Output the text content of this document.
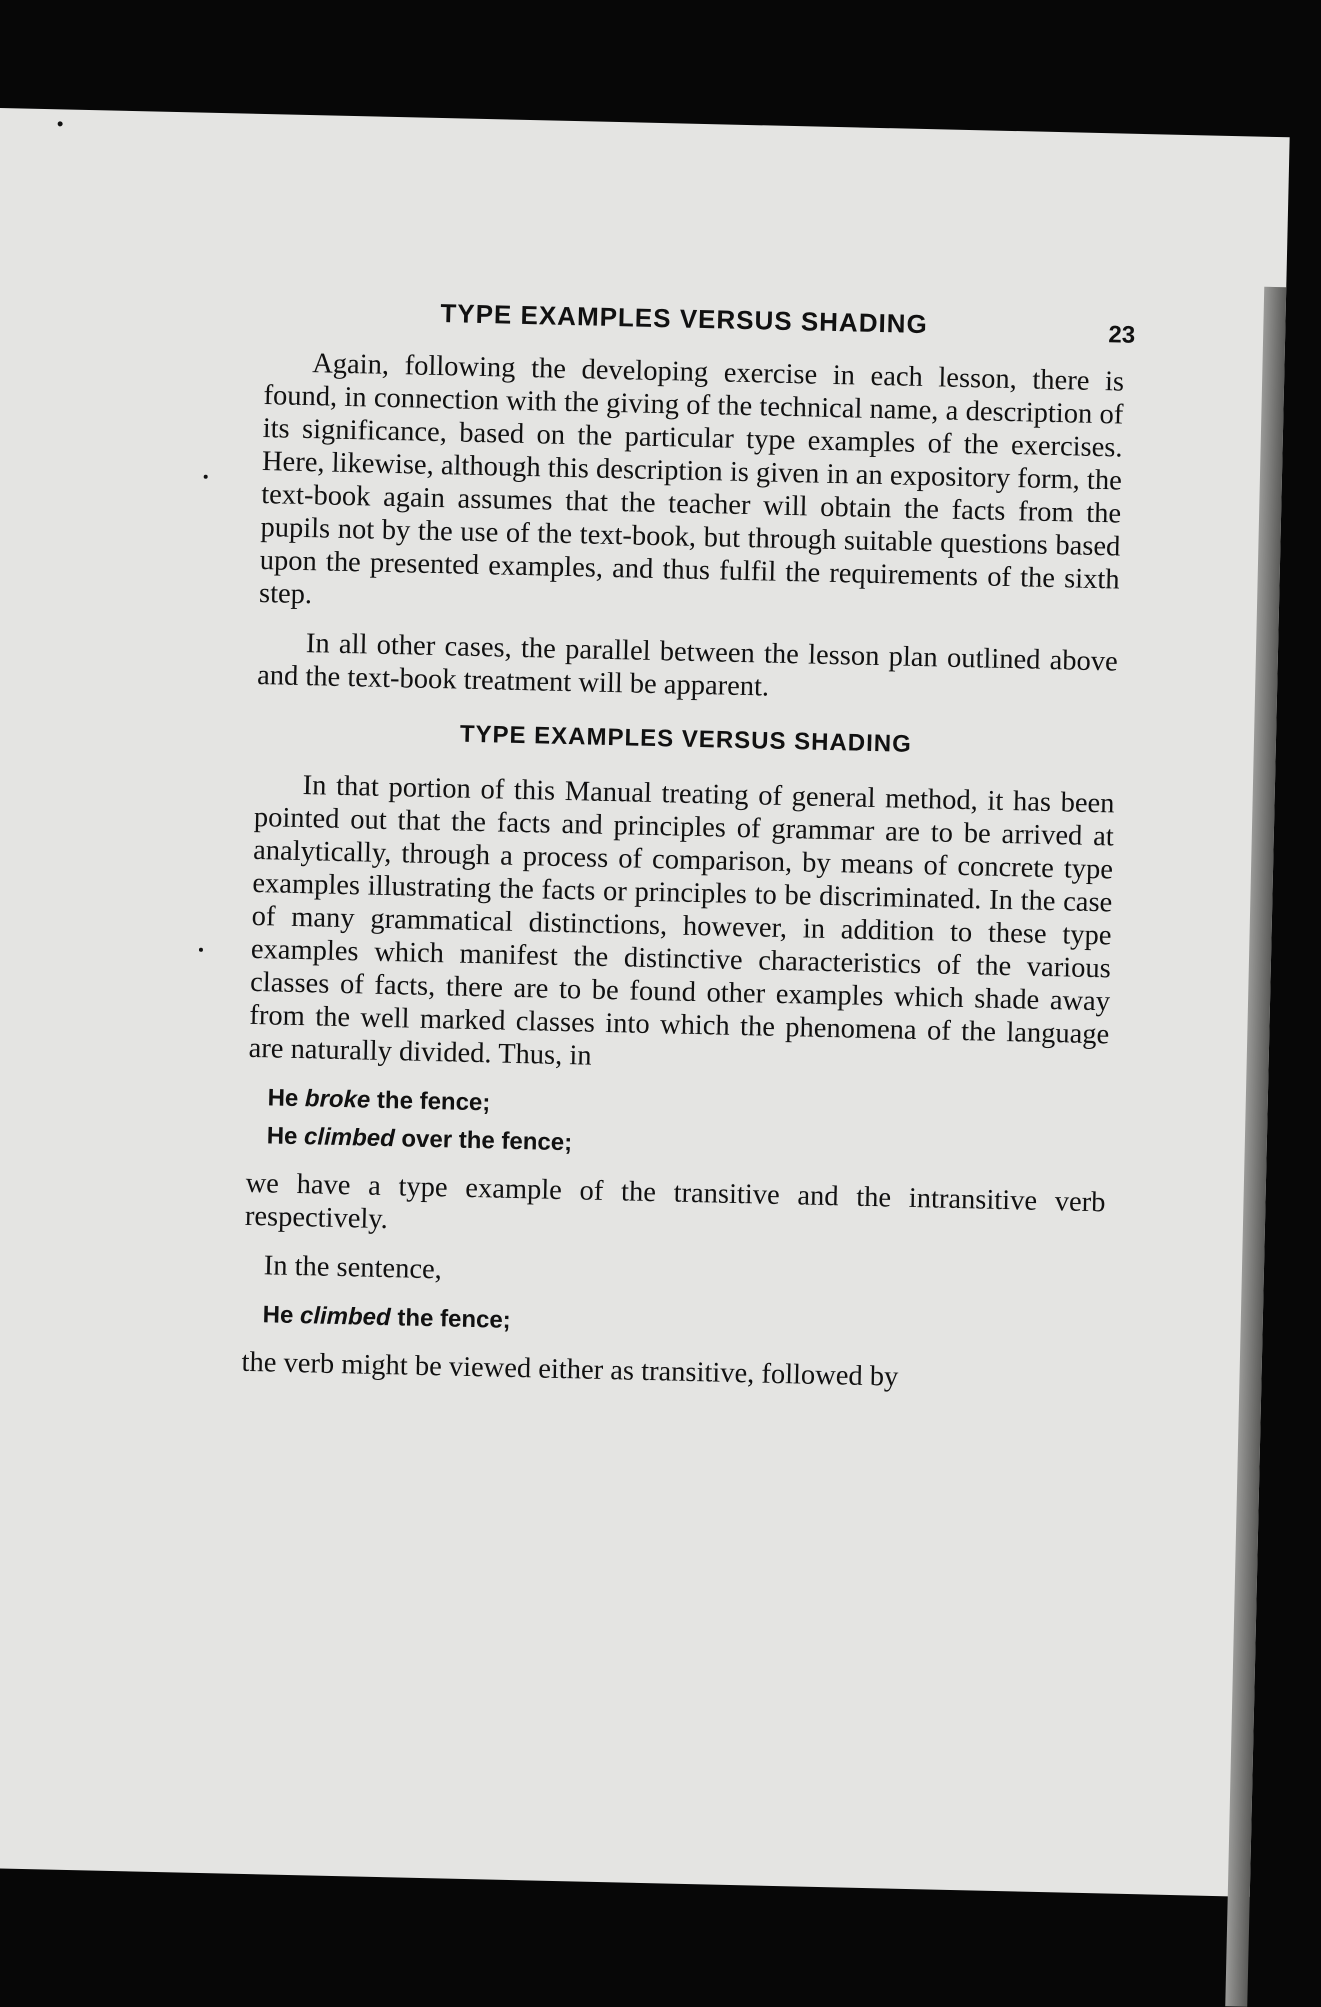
TYPE EXAMPLES VERSUS SHADING	23

Again, following the developing exercise in each lesson, there is found, in connection with the giving of the technical name, a description of its significance, based on the particular type examples of the exercises. Here, likewise, although this description is given in an expository form, the text-book again assumes that the teacher will obtain the facts from the pupils not by the use of the text-book, but through suitable questions based upon the presented examples, and thus fulfil the requirements of the sixth step.

In all other cases, the parallel between the lesson plan outlined above and the text-book treatment will be apparent.

TYPE EXAMPLES VERSUS SHADING

In that portion of this Manual treating of general method, it has been pointed out that the facts and principles of grammar are to be arrived at analytically, through a process of comparison, by means of concrete type examples illustrating the facts or principles to be discriminated. In the case of many grammatical distinctions, however, in addition to these type examples which manifest the distinctive characteristics of the various classes of facts, there are to be found other examples which shade away from the well marked classes into which the phenomena of the language are naturally divided. Thus, in

He broke the fence;
He climbed over the fence;

we have a type example of the transitive and the intransitive verb respectively.

In the sentence,

He climbed the fence;

the verb might be viewed either as transitive, followed by
